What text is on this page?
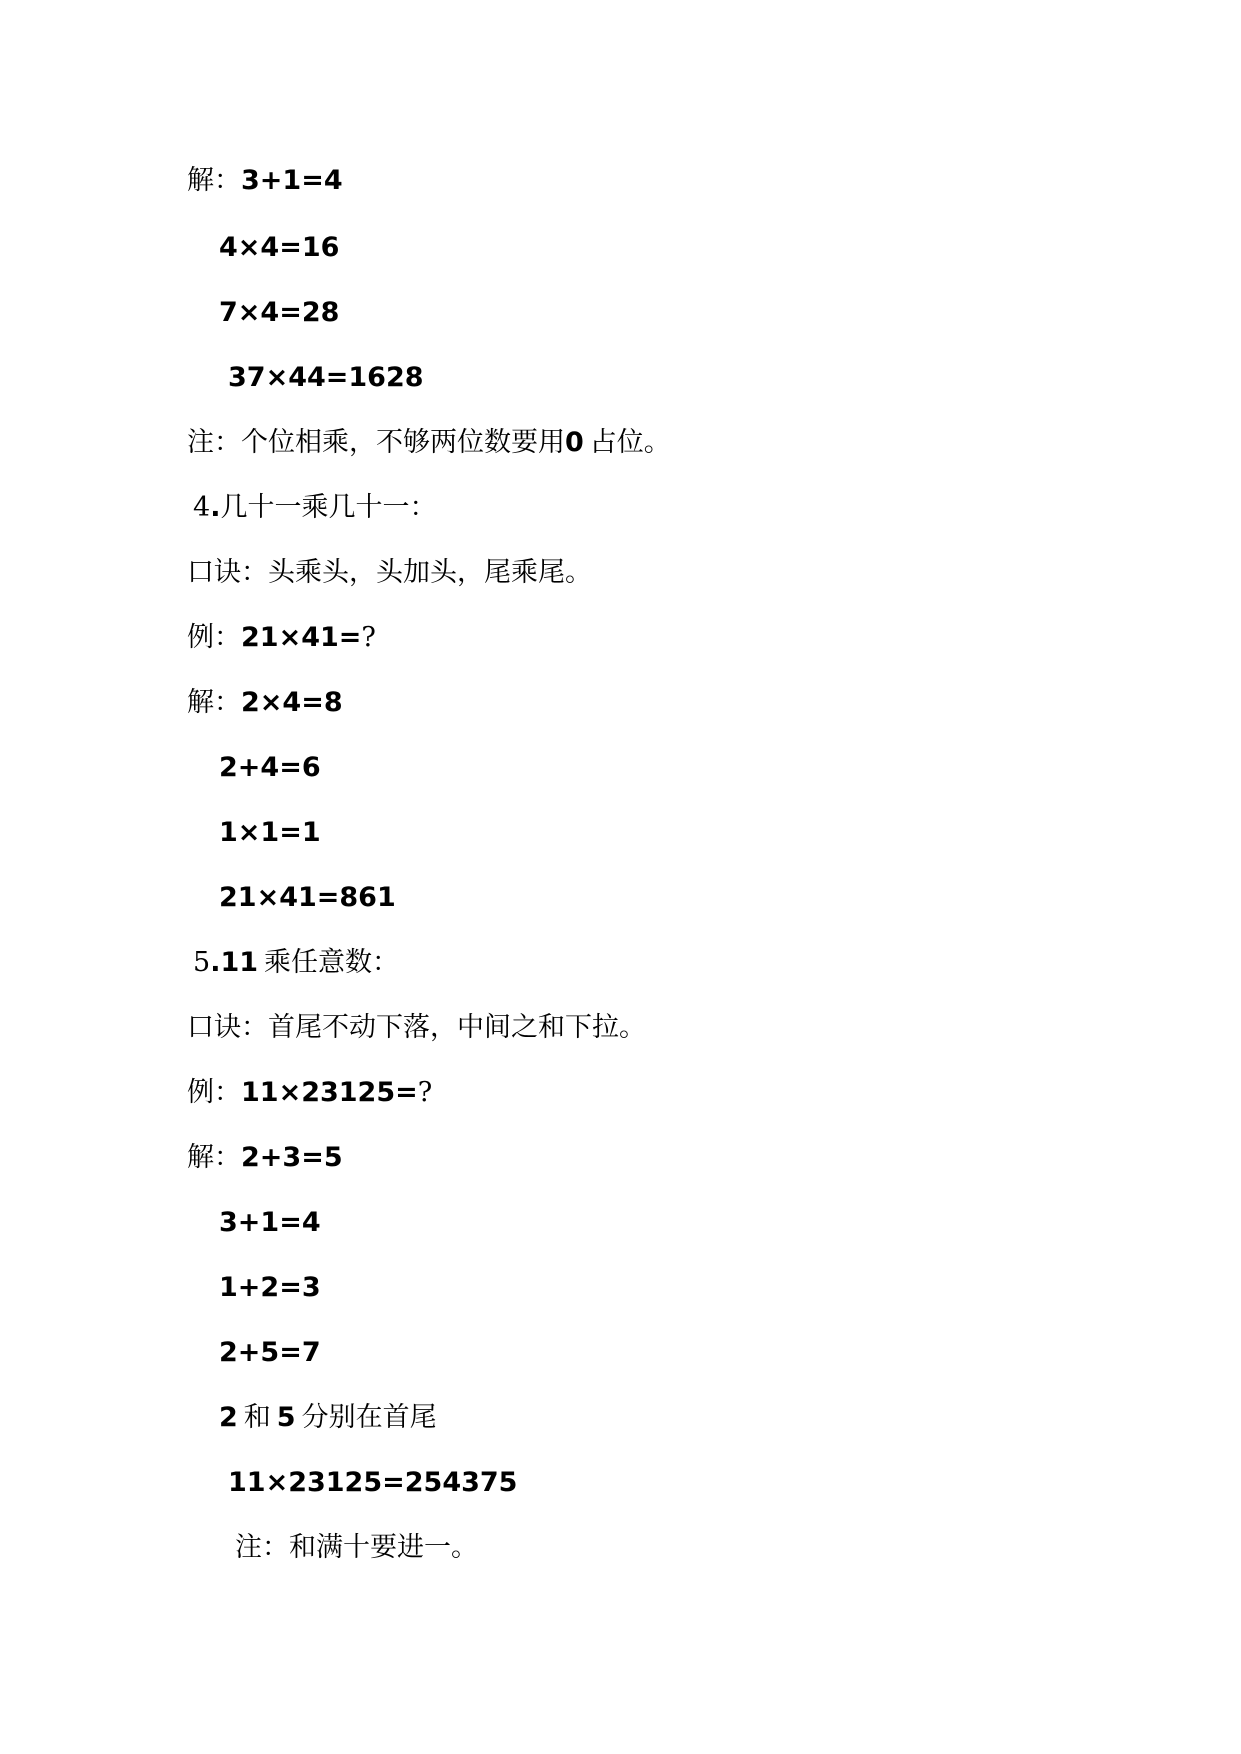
解：3+1=4
4×4=16
7×4=28
37×44=1628
注：个位相乘，不够两位数要用0 占位。
4.几十一乘几十一：
口诀：头乘头，头加头，尾乘尾。
例：21×41=?
解：2×4=8
2+4=6
1×1=1
21×41=861
5.11 乘任意数：
口诀：首尾不动下落，中间之和下拉。
例：11×23125=?
解：2+3=5
3+1=4
1+2=3
2+5=7
2 和 5 分别在首尾
11×23125=254375
注：和满十要进一。
